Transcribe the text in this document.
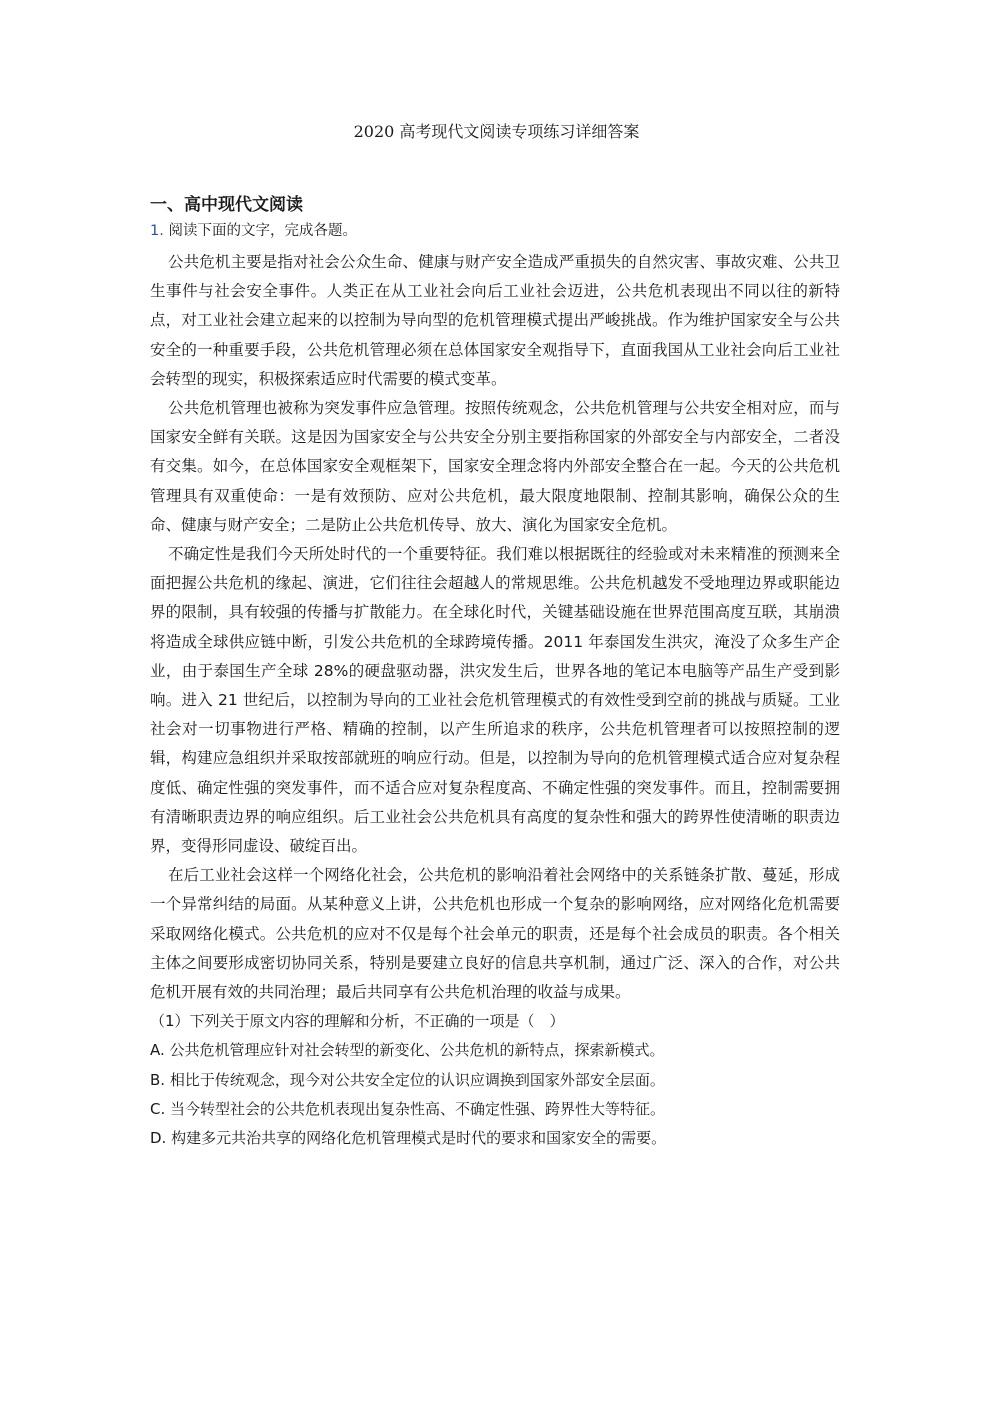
2020 高考现代文阅读专项练习详细答案
一、高中现代文阅读

1. 阅读下面的文字，完成各题。

公共危机主要是指对社会公众生命、健康与财产安全造成严重损失的自然灾害、事故灾难、公共卫生事件与社会安全事件。人类正在从工业社会向后工业社会迈进，公共危机表现出不同以往的新特点，对工业社会建立起来的以控制为导向型的危机管理模式提出严峻挑战。作为维护国家安全与公共安全的一种重要手段，公共危机管理必须在总体国家安全观指导下，直面我国从工业社会向后工业社会转型的现实，积极探索适应时代需要的模式变革。

公共危机管理也被称为突发事件应急管理。按照传统观念，公共危机管理与公共安全相对应，而与国家安全鲜有关联。这是因为国家安全与公共安全分别主要指称国家的外部安全与内部安全，二者没有交集。如今，在总体国家安全观框架下，国家安全理念将内外部安全整合在一起。今天的公共危机管理具有双重使命：一是有效预防、应对公共危机，最大限度地限制、控制其影响，确保公众的生命、健康与财产安全；二是防止公共危机传导、放大、演化为国家安全危机。

不确定性是我们今天所处时代的一个重要特征。我们难以根据既往的经验或对未来精准的预测来全面把握公共危机的缘起、演进，它们往往会超越人的常规思维。公共危机越发不受地理边界或职能边界的限制，具有较强的传播与扩散能力。在全球化时代，关键基础设施在世界范围高度互联，其崩溃将造成全球供应链中断，引发公共危机的全球跨境传播。2011 年泰国发生洪灾，淹没了众多生产企业，由于泰国生产全球 28%的硬盘驱动器，洪灾发生后，世界各地的笔记本电脑等产品生产受到影响。进入 21 世纪后，以控制为导向的工业社会危机管理模式的有效性受到空前的挑战与质疑。工业社会对一切事物进行严格、精确的控制，以产生所追求的秩序，公共危机管理者可以按照控制的逻辑，构建应急组织并采取按部就班的响应行动。但是，以控制为导向的危机管理模式适合应对复杂程度低、确定性强的突发事件，而不适合应对复杂程度高、不确定性强的突发事件。而且，控制需要拥有清晰职责边界的响应组织。后工业社会公共危机具有高度的复杂性和强大的跨界性使清晰的职责边界，变得形同虚设、破绽百出。

在后工业社会这样一个网络化社会，公共危机的影响沿着社会网络中的关系链条扩散、蔓延，形成一个异常纠结的局面。从某种意义上讲，公共危机也形成一个复杂的影响网络，应对网络化危机需要采取网络化模式。公共危机的应对不仅是每个社会单元的职责，还是每个社会成员的职责。各个相关主体之间要形成密切协同关系，特别是要建立良好的信息共享机制，通过广泛、深入的合作，对公共危机开展有效的共同治理；最后共同享有公共危机治理的收益与成果。

（1）下列关于原文内容的理解和分析，不正确的一项是（　）

A. 公共危机管理应针对社会转型的新变化、公共危机的新特点，探索新模式。
B. 相比于传统观念，现今对公共安全定位的认识应调换到国家外部安全层面。
C. 当今转型社会的公共危机表现出复杂性高、不确定性强、跨界性大等特征。
D. 构建多元共治共享的网络化危机管理模式是时代的要求和国家安全的需要。
